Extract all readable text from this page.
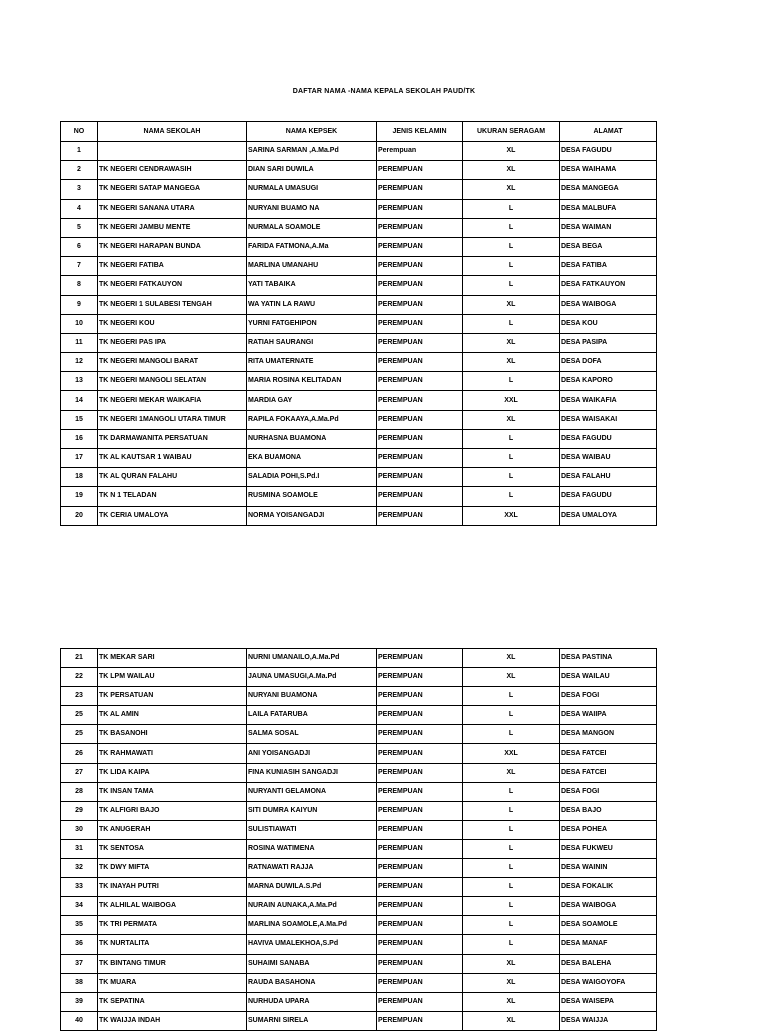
DAFTAR NAMA -NAMA KEPALA SEKOLAH PAUD/TK
NO	NAMA SEKOLAH	NAMA KEPSEK	JENIS KELAMIN	UKURAN SERAGAM	ALAMAT
1		SARINA SARMAN ,A.Ma.Pd	Perempuan	XL	DESA FAGUDU
2	TK NEGERI CENDRAWASIH	DIAN SARI DUWILA	PEREMPUAN	XL	DESA WAIHAMA
3	TK NEGERI SATAP MANGEGA	NURMALA UMASUGI	PEREMPUAN	XL	DESA MANGEGA
4	TK NEGERI SANANA UTARA	NURYANI BUAMO NA	PEREMPUAN	L	DESA MALBUFA
5	TK NEGERI JAMBU MENTE	NURMALA SOAMOLE	PEREMPUAN	L	DESA WAIMAN
6	TK NEGERI HARAPAN BUNDA	FARIDA FATMONA,A.Ma	PEREMPUAN	L	DESA BEGA
7	TK NEGERI FATIBA	MARLINA UMANAHU	PEREMPUAN	L	DESA FATIBA
8	TK NEGERI FATKAUYON	YATI TABAIKA	PEREMPUAN	L	DESA FATKAUYON
9	TK NEGERI 1 SULABESI TENGAH	WA YATIN LA RAWU	PEREMPUAN	XL	DESA WAIBOGA
10	TK NEGERI KOU	YURNI FATGEHIPON	PEREMPUAN	L	DESA KOU
11	TK NEGERI PAS IPA	RATIAH SAURANGI	PEREMPUAN	XL	DESA PASIPA
12	TK NEGERI MANGOLI BARAT	RITA UMATERNATE	PEREMPUAN	XL	DESA DOFA
13	TK NEGERI MANGOLI SELATAN	MARIA ROSINA KELITADAN	PEREMPUAN	L	DESA KAPORO
14	TK NEGERI MEKAR WAIKAFIA	MARDIA GAY	PEREMPUAN	XXL	DESA WAIKAFIA
15	TK NEGERI 1MANGOLI UTARA TIMUR	RAPILA FOKAAYA,A.Ma.Pd	PEREMPUAN	XL	DESA WAISAKAI
16	TK DARMAWANITA PERSATUAN	NURHASNA BUAMONA	PEREMPUAN	L	DESA FAGUDU
17	TK AL KAUTSAR 1 WAIBAU	EKA BUAMONA	PEREMPUAN	L	DESA WAIBAU
18	TK AL QURAN FALAHU	SALADIA POHI,S.Pd.I	PEREMPUAN	L	DESA FALAHU
19	TK N 1 TELADAN	RUSMINA SOAMOLE	PEREMPUAN	L	DESA FAGUDU
20	TK CERIA UMALOYA	NORMA YOISANGADJI	PEREMPUAN	XXL	DESA UMALOYA
21	TK MEKAR SARI	NURNI UMANAILO,A.Ma.Pd	PEREMPUAN	XL	DESA PASTINA
22	TK LPM WAILAU	JAUNA UMASUGI,A.Ma.Pd	PEREMPUAN	XL	DESA WAILAU
23	TK PERSATUAN	NURYANI BUAMONA	PEREMPUAN	L	DESA FOGI
25	TK AL AMIN	LAILA FATARUBA	PEREMPUAN	L	DESA WAIIPA
25	TK BASANOHI	SALMA SOSAL	PEREMPUAN	L	DESA MANGON
26	TK RAHMAWATI	ANI YOISANGADJI	PEREMPUAN	XXL	DESA FATCEI
27	TK LIDA KAIPA	FINA KUNIASIH SANGADJI	PEREMPUAN	XL	DESA FATCEI
28	TK INSAN TAMA	NURYANTI GELAMONA	PEREMPUAN	L	DESA FOGI
29	TK ALFIGRI BAJO	SITI DUMRA KAIYUN	PEREMPUAN	L	DESA BAJO
30	TK ANUGERAH	SULISTIAWATI	PEREMPUAN	L	DESA POHEA
31	TK SENTOSA	ROSINA WATIMENA	PEREMPUAN	L	DESA FUKWEU
32	TK DWY MIFTA	RATNAWATI RAJJA	PEREMPUAN	L	DESA WAININ
33	TK INAYAH PUTRI	MARNA DUWILA.S.Pd	PEREMPUAN	L	DESA FOKALIK
34	TK ALHILAL WAIBOGA	NURAIN AUNAKA,A.Ma.Pd	PEREMPUAN	L	DESA WAIBOGA
35	TK TRI PERMATA	MARLINA SOAMOLE,A.Ma.Pd	PEREMPUAN	L	DESA SOAMOLE
36	TK NURTALITA	HAVIVA UMALEKHOA,S.Pd	PEREMPUAN	L	DESA MANAF
37	TK BINTANG TIMUR	SUHAIMI SANABA	PEREMPUAN	XL	DESA BALEHA
38	TK MUARA	RAUDA BASAHONA	PEREMPUAN	XL	DESA WAIGOYOFA
39	TK SEPATINA	NURHUDA UPARA	PEREMPUAN	XL	DESA WAISEPA
40	TK WAIJJA INDAH	SUMARNI SIRELA	PEREMPUAN	XL	DESA WAIJJA
